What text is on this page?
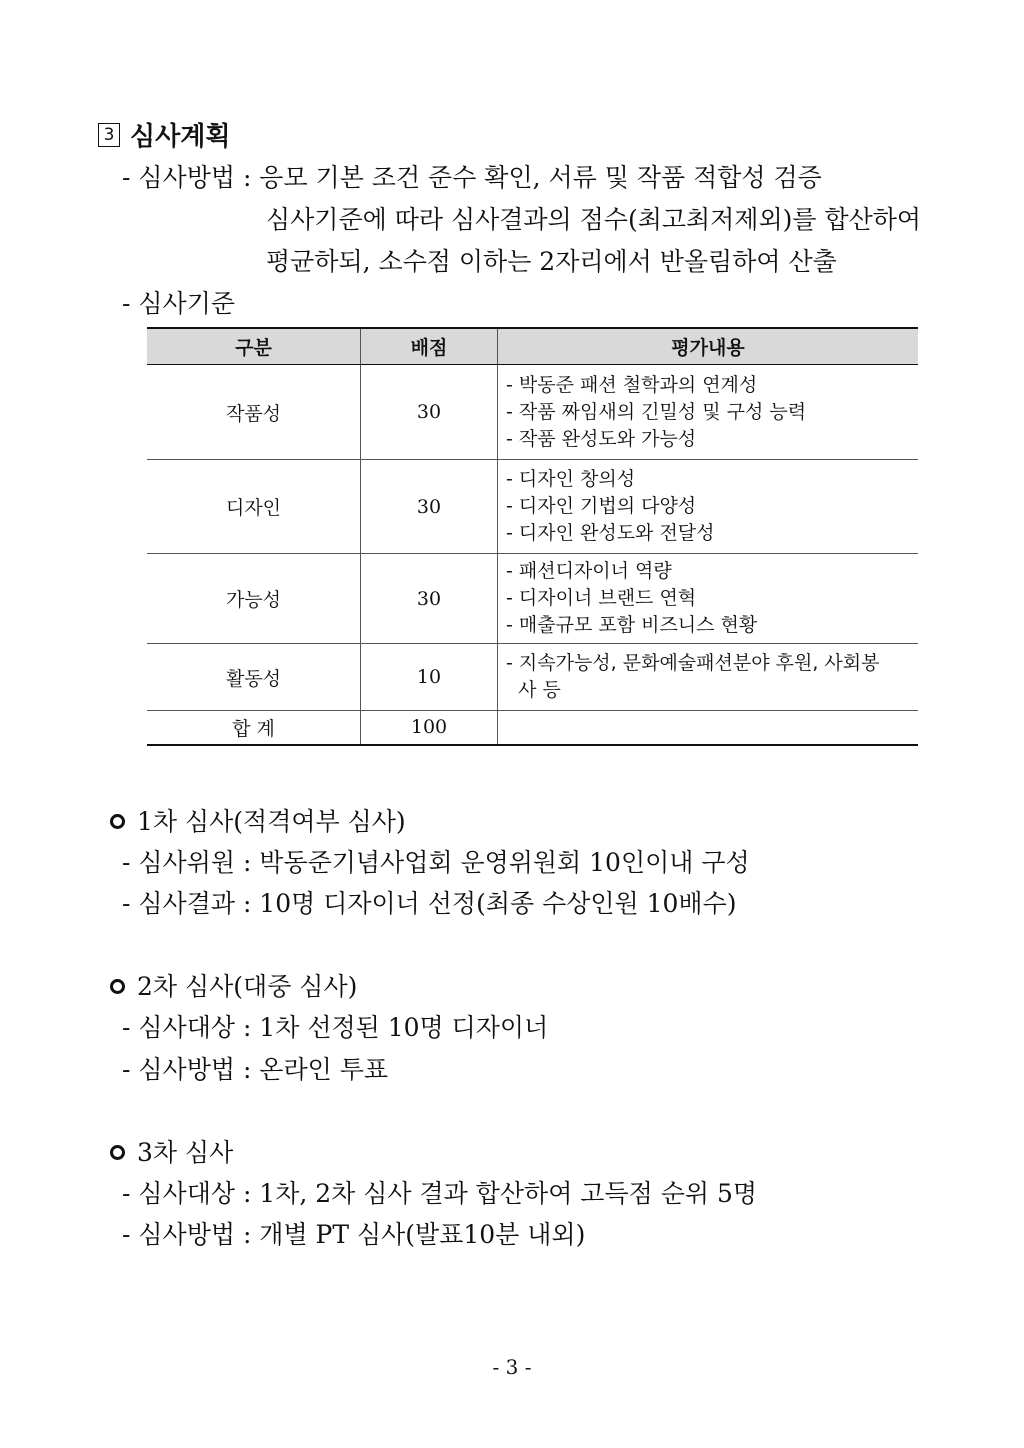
3 심사계획
- 심사방법 : 응모 기본 조건 준수 확인, 서류 및 작품 적합성 검증
심사기준에 따라 심사결과의 점수(최고최저제외)를 합산하여
평균하되, 소수점 이하는 2자리에서 반올림하여 산출
- 심사기준
구분	배점	평가내용
작품성	30	- 박동준 패션 철학과의 연계성
- 작품 짜임새의 긴밀성 및 구성 능력
- 작품 완성도와 가능성

디자인	30	- 디자인 창의성
- 디자인 기법의 다양성
- 디자인 완성도와 전달성

가능성	30	- 패션디자이너 역량
- 디자이너 브랜드 연혁
- 매출규모 포함 비즈니스 현황

활동성	10	- 지속가능성, 문화예술패션분야 후원, 사회봉
사 등

합 계	100	
1차 심사(적격여부 심사)
- 심사위원 : 박동준기념사업회 운영위원회 10인이내 구성
- 심사결과 : 10명 디자이너 선정(최종 수상인원 10배수)
2차 심사(대중 심사)
- 심사대상 : 1차 선정된 10명 디자이너
- 심사방법 : 온라인 투표
3차 심사
- 심사대상 : 1차, 2차 심사 결과 합산하여 고득점 순위 5명
- 심사방법 : 개별 PT 심사(발표10분 내외)
- 3 -
